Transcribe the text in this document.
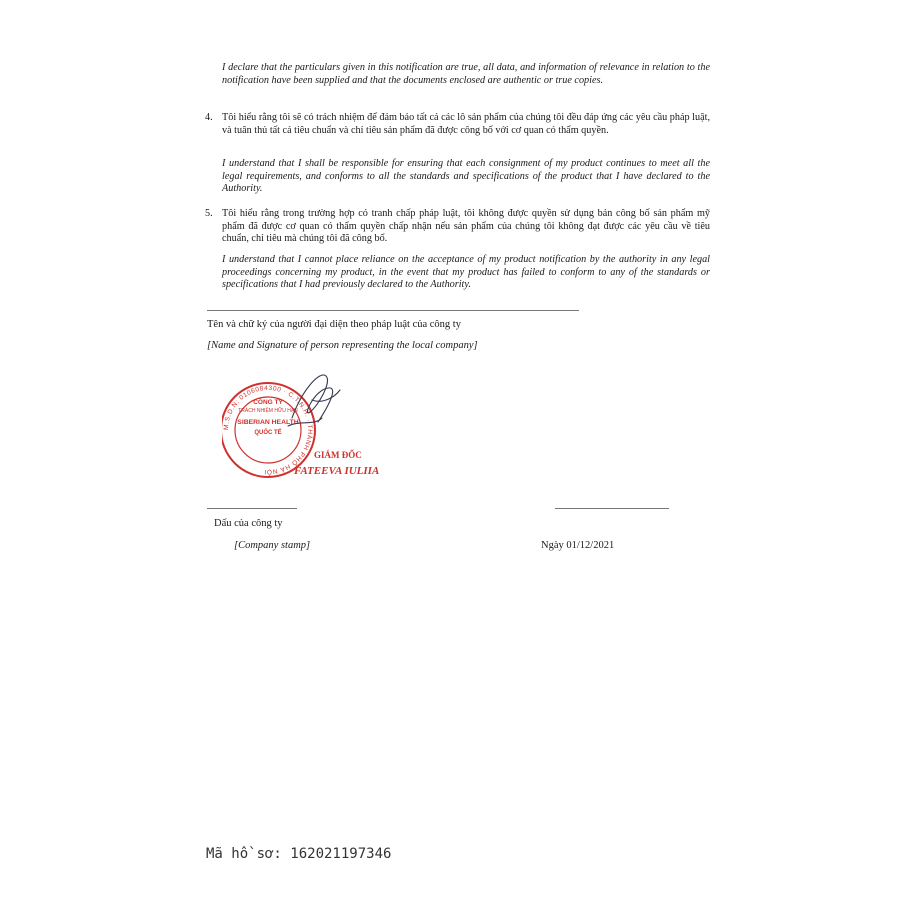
I declare that the particulars given in this notification are true, all data, and information of relevance in relation to the notification have been supplied and that the documents enclosed are authentic or true copies.
4. Tôi hiểu rằng tôi sẽ có trách nhiệm để đảm bảo tất cả các lô sản phẩm của chúng tôi đều đáp ứng các yêu cầu pháp luật, và tuân thủ tất cả tiêu chuẩn và chỉ tiêu sản phẩm đã được công bố với cơ quan có thẩm quyền.
I understand that I shall be responsible for ensuring that each consignment of my product continues to meet all the legal requirements, and conforms to all the standards and specifications of the product that I have declared to the Authority.
5. Tôi hiểu rằng trong trường hợp có tranh chấp pháp luật, tôi không được quyền sử dụng bản công bố sản phẩm mỹ phẩm đã được cơ quan có thẩm quyền chấp nhận nếu sản phẩm của chúng tôi không đạt được các yêu cầu về tiêu chuẩn, chỉ tiêu mà chúng tôi đã công bố.
I understand that I cannot place reliance on the acceptance of my product notification by the authority in any legal proceedings concerning my product, in the event that my product has failed to conform to any of the standards or specifications that I had previously declared to the Authority.
Tên và chữ ký của người đại diện theo pháp luật của công ty
[Name and Signature of person representing the local company]
M.S.D.N: 0106084300 · C.T.N.H. · THÀNH PHỐ HÀ NỘI
CÔNG TY
TRÁCH NHIỆM HỮU HẠN
SIBERIAN HEALTH
QUỐC TẾ
GIÁM ĐỐC
FATEEVA IULIIA
Dấu của công ty
[Company stamp]	Ngày 01/12/2021
Mã hồ sơ: 162021197346
